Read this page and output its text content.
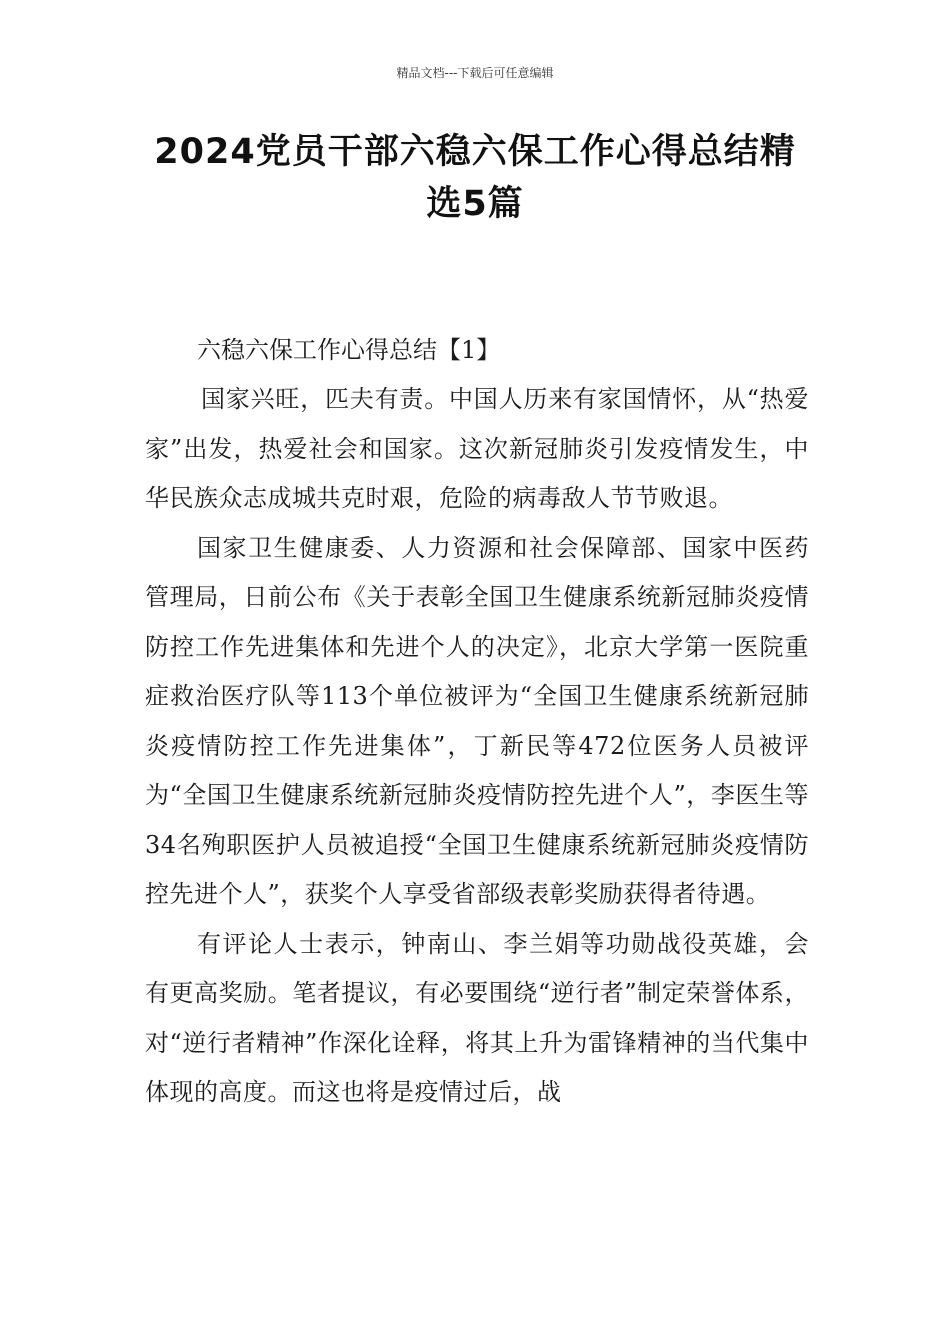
精品文档---下载后可任意编辑
2024党员干部六稳六保工作心得总结精
选5篇

六稳六保工作心得总结【1】

国家兴旺，匹夫有责。中国人历来有家国情怀，从“热爱家”出发，热爱社会和国家。这次新冠肺炎引发疫情发生，中华民族众志成城共克时艰，危险的病毒敌人节节败退。

国家卫生健康委、人力资源和社会保障部、国家中医药管理局，日前公布《关于表彰全国卫生健康系统新冠肺炎疫情防控工作先进集体和先进个人的决定》，北京大学第一医院重症救治医疗队等113个单位被评为“全国卫生健康系统新冠肺炎疫情防控工作先进集体”，丁新民等472位医务人员被评为“全国卫生健康系统新冠肺炎疫情防控先进个人”，李医生等34名殉职医护人员被追授“全国卫生健康系统新冠肺炎疫情防控先进个人”，获奖个人享受省部级表彰奖励获得者待遇。

有评论人士表示，钟南山、李兰娟等功勋战役英雄，会有更高奖励。笔者提议，有必要围绕“逆行者”制定荣誉体系，对“逆行者精神”作深化诠释，将其上升为雷锋精神的当代集中体现的高度。而这也将是疫情过后，战
